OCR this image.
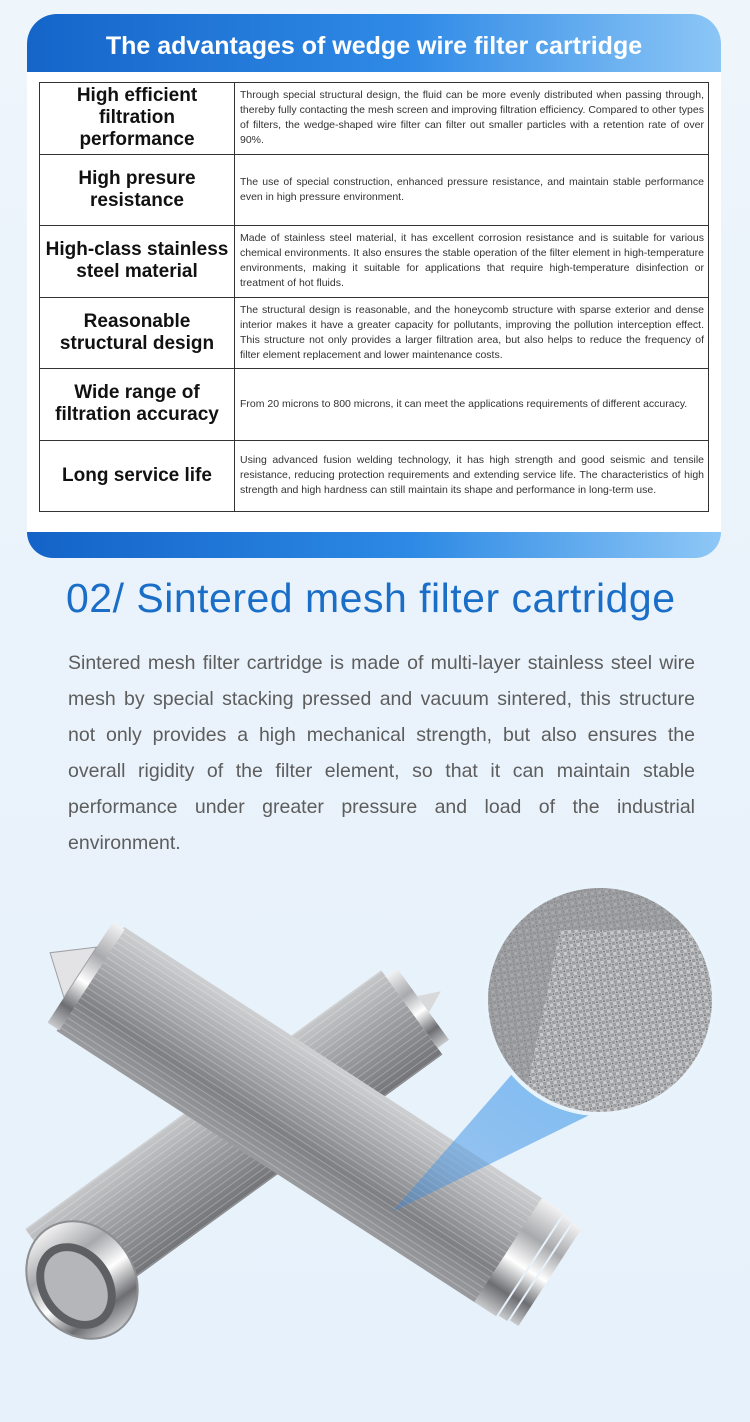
The advantages of wedge wire filter cartridge
High efficient filtration performance	Through special structural design, the fluid can be more evenly distributed when passing through, thereby fully contacting the mesh screen and improving filtration efficiency. Compared to other types of filters, the wedge-shaped wire filter can filter out smaller particles with a retention rate of over 90%.
High presure resistance	The use of special construction, enhanced pressure resistance, and maintain stable performance even in high pressure environment.
High-class stainless steel material	Made of stainless steel material, it has excellent corrosion resistance and is suitable for various chemical environments. It also ensures the stable operation of the filter element in high-temperature environments, making it suitable for applications that require high-temperature disinfection or treatment of hot fluids.
Reasonable structural design	The structural design is reasonable, and the honeycomb structure with sparse exterior and dense interior makes it have a greater capacity for pollutants, improving the pollution interception effect. This structure not only provides a larger filtration area, but also helps to reduce the frequency of filter element replacement and lower maintenance costs.
Wide range of filtration accuracy	From 20 microns to 800 microns, it can meet the applications requirements of different accuracy.
Long service life	Using advanced fusion welding technology, it has high strength and good seismic and tensile resistance, reducing protection requirements and extending service life. The characteristics of high strength and high hardness can still maintain its shape and performance in long-term use.
02/ Sintered mesh filter cartridge
Sintered mesh filter cartridge is made of multi-layer stainless steel wire mesh by special stacking pressed and vacuum sintered, this structure not only provides a high mechanical strength, but also ensures the overall rigidity of the filter element, so that it can maintain stable performance under greater pressure and load of the industrial environment.
